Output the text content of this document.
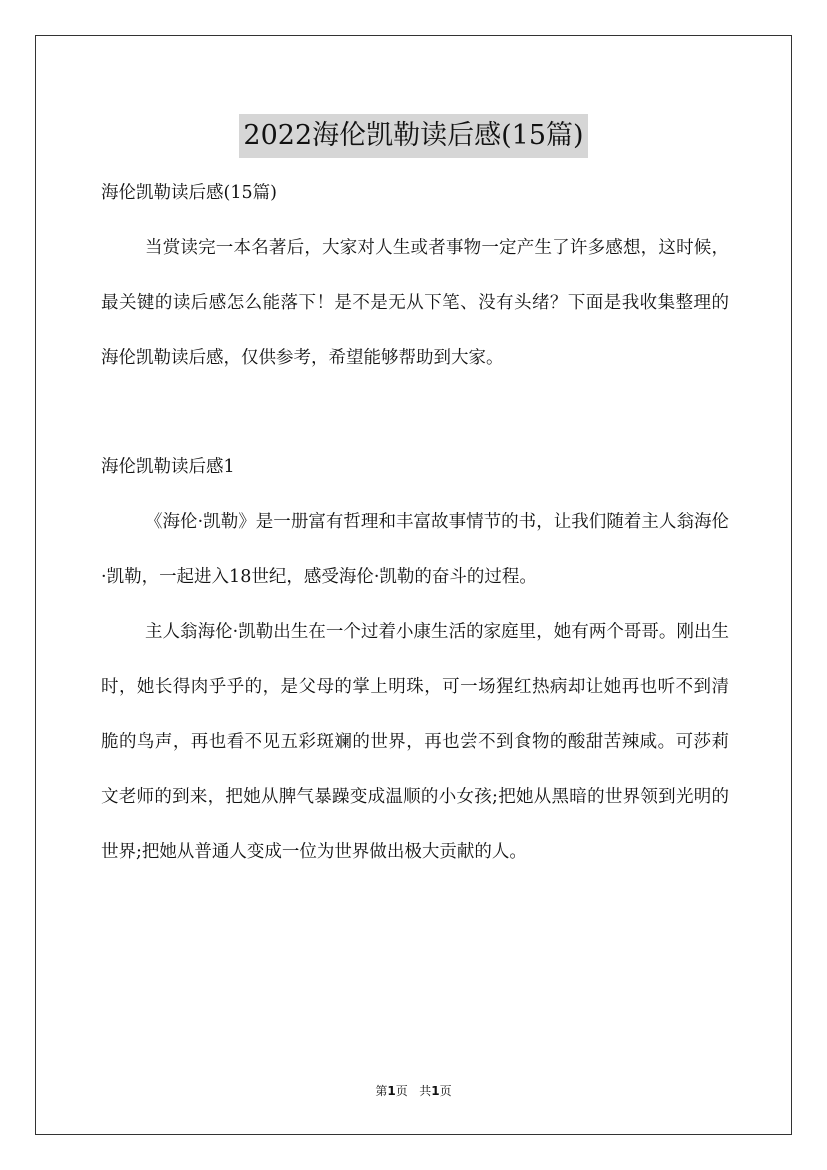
2022海伦凯勒读后感(15篇)

海伦凯勒读后感(15篇)

当赏读完一本名著后，大家对人生或者事物一定产生了许多感想，这时候，最关键的读后感怎么能落下！是不是无从下笔、没有头绪？下面是我收集整理的海伦凯勒读后感，仅供参考，希望能够帮助到大家。

海伦凯勒读后感1

《海伦·凯勒》是一册富有哲理和丰富故事情节的书，让我们随着主人翁海伦·凯勒，一起进入18世纪，感受海伦·凯勒的奋斗的过程。

主人翁海伦·凯勒出生在一个过着小康生活的家庭里，她有两个哥哥。刚出生时，她长得肉乎乎的，是父母的掌上明珠，可一场猩红热病却让她再也听不到清脆的鸟声，再也看不见五彩斑斓的世界，再也尝不到食物的酸甜苦辣咸。可莎莉文老师的到来，把她从脾气暴躁变成温顺的小女孩;把她从黑暗的世界领到光明的世界;把她从普通人变成一位为世界做出极大贡献的人。

第1页 共1页
